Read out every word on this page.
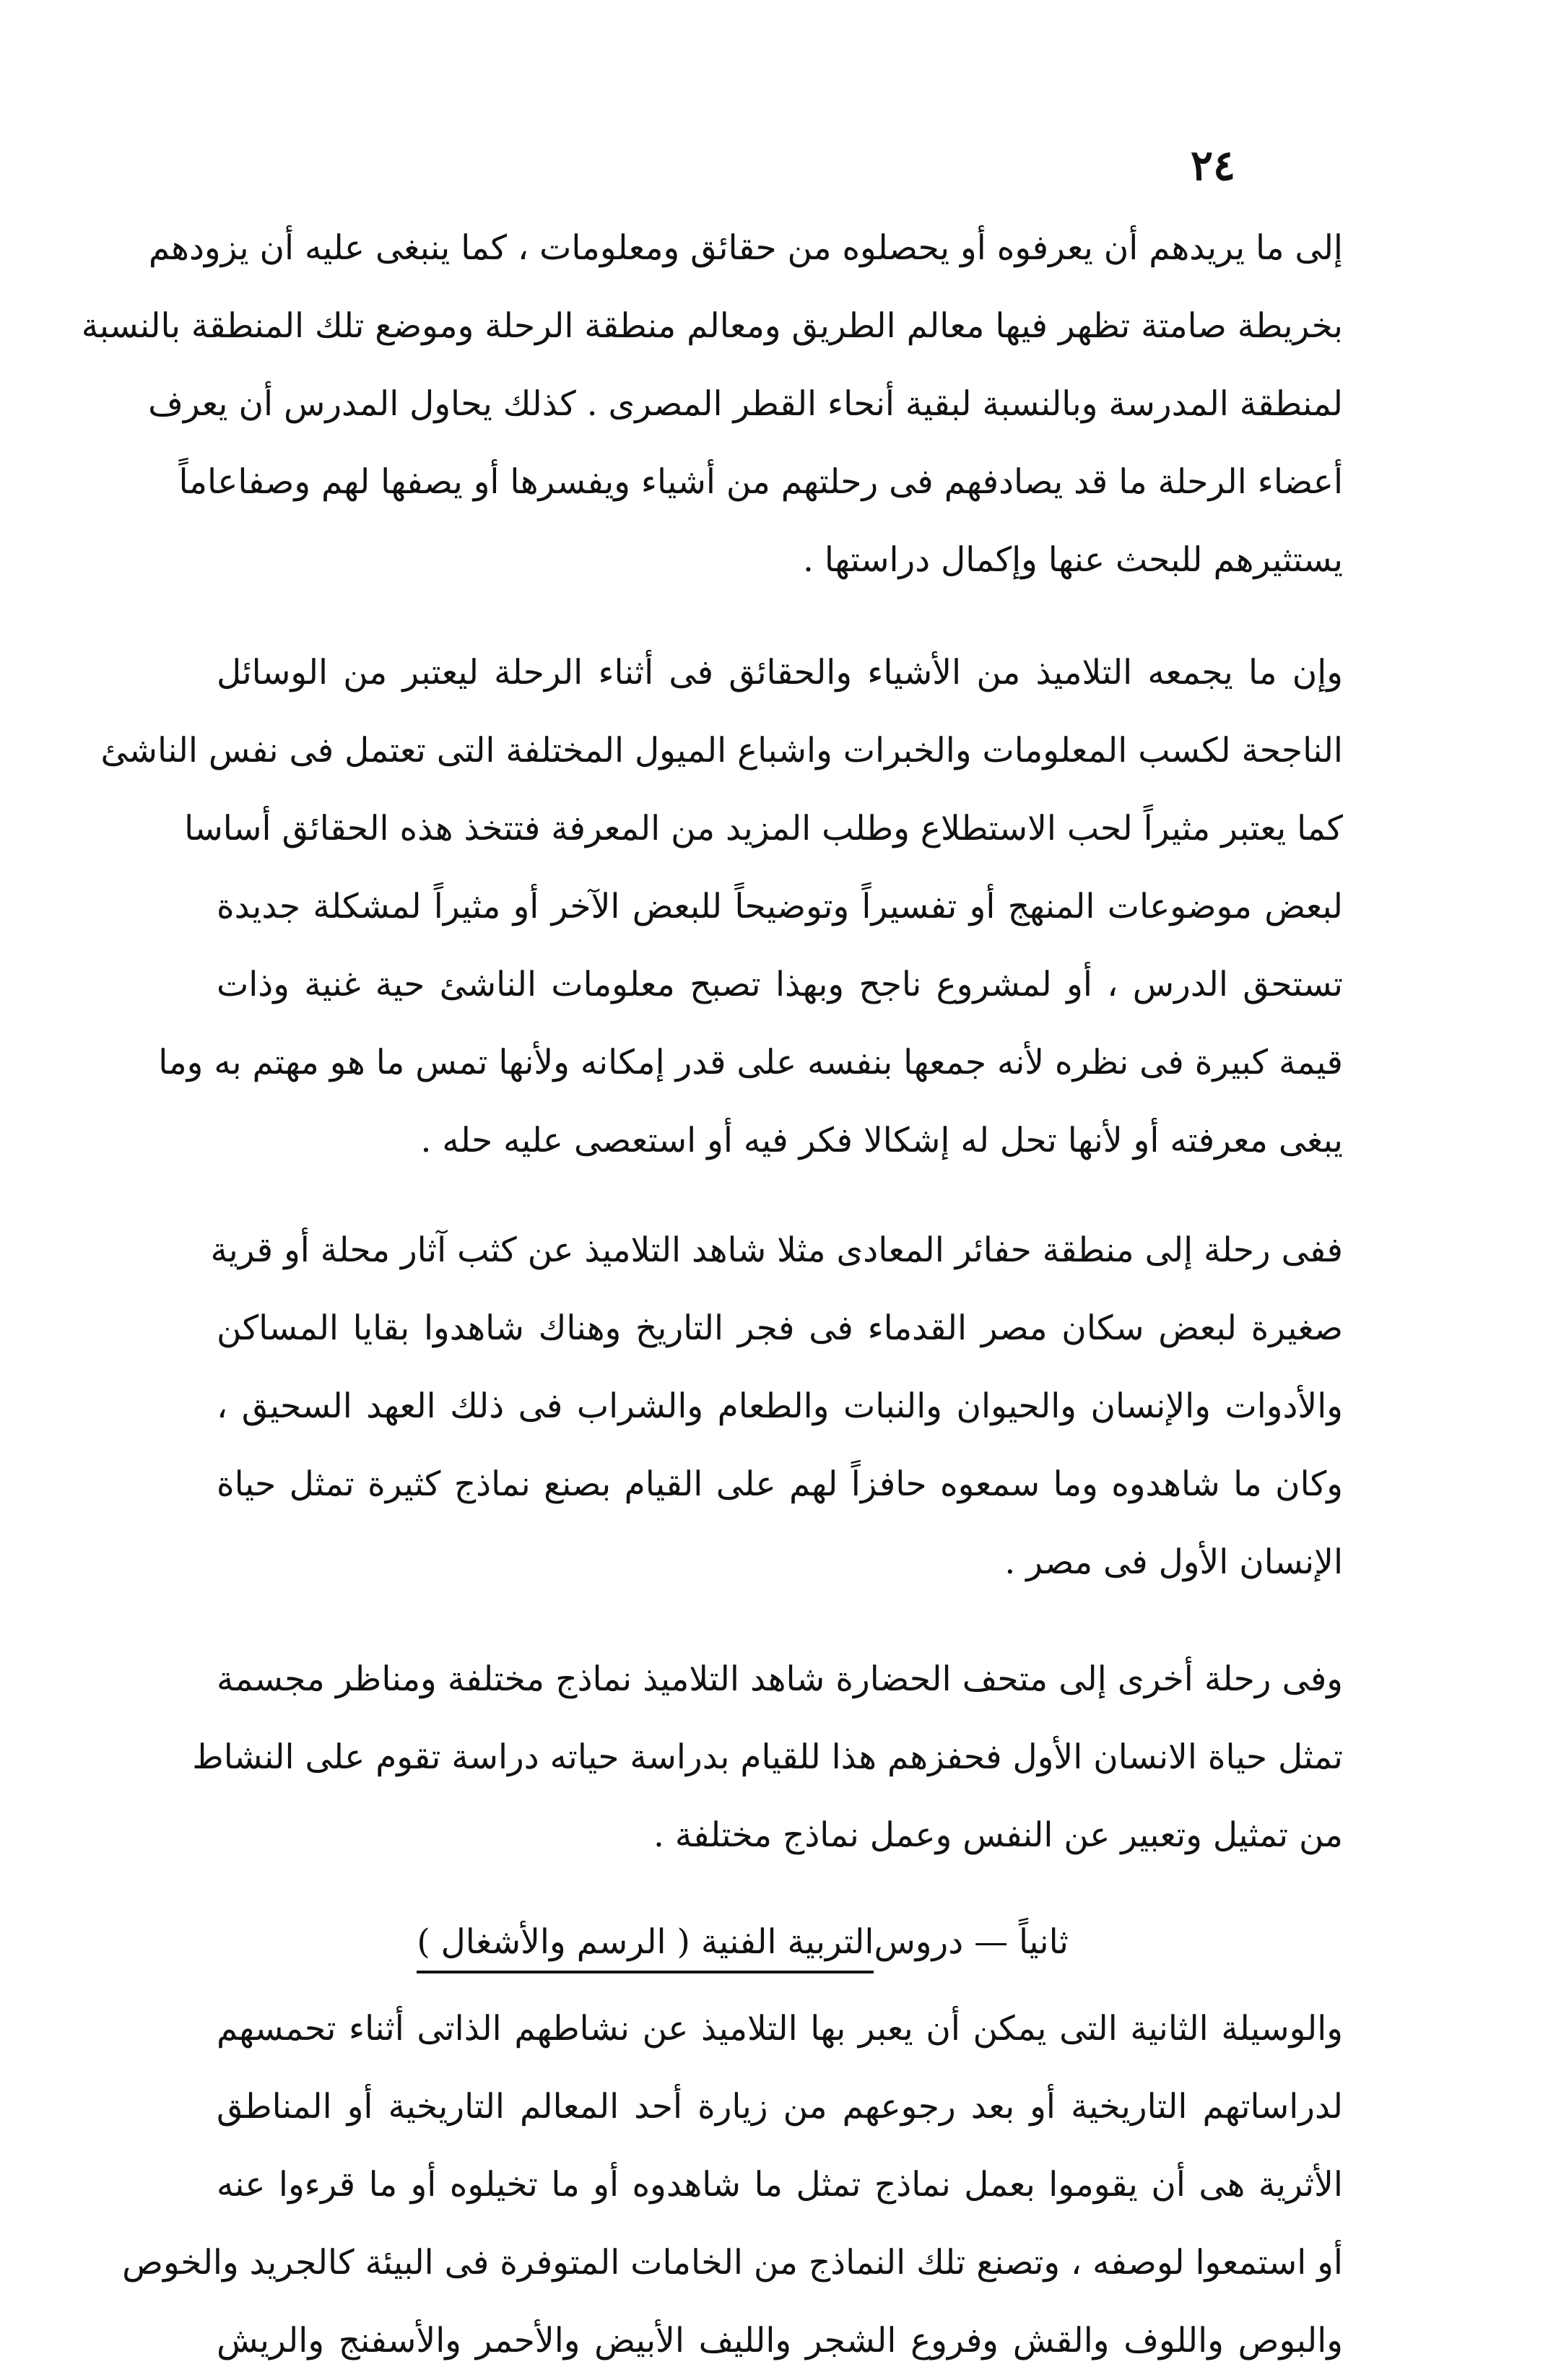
٢٤
إلى ما يريدهم أن يعرفوه أو يحصلوه من حقائق ومعلومات ، كما ينبغى عليه أن يزودهم
بخريطة صامتة تظهر فيها معالم الطريق ومعالم منطقة الرحلة وموضع تلك المنطقة بالنسبة
لمنطقة المدرسة وبالنسبة لبقية أنحاء القطر المصرى . كذلك يحاول المدرس أن يعرف
أعضاء الرحلة ما قد يصادفهم فى رحلتهم من أشياء ويفسرها أو يصفها لهم وصفاعاماً
يستثيرهم للبحث عنها وإكمال دراستها .
وإن ما يجمعه التلاميذ من الأشياء والحقائق فى أثناء الرحلة ليعتبر من الوسائل
الناجحة لكسب المعلومات والخبرات واشباع الميول المختلفة التى تعتمل فى نفس الناشئ
كما يعتبر مثيراً لحب الاستطلاع وطلب المزيد من المعرفة فتتخذ هذه الحقائق أساسا
لبعض موضوعات المنهج أو تفسيراً وتوضيحاً للبعض الآخر أو مثيراً لمشكلة جديدة
تستحق الدرس ، أو لمشروع ناجح وبهذا تصبح معلومات الناشئ حية غنية وذات
قيمة كبيرة فى نظره لأنه جمعها بنفسه على قدر إمكانه ولأنها تمس ما هو مهتم به وما
يبغى معرفته أو لأنها تحل له إشكالا فكر فيه أو استعصى عليه حله .
ففى رحلة إلى منطقة حفائر المعادى مثلا شاهد التلاميذ عن كثب آثار محلة أو قرية
صغيرة لبعض سكان مصر القدماء فى فجر التاريخ وهناك شاهدوا بقايا المساكن
والأدوات والإنسان والحيوان والنبات والطعام والشراب فى ذلك العهد السحيق ،
وكان ما شاهدوه وما سمعوه حافزاً لهم على القيام بصنع نماذج كثيرة تمثل حياة
الإنسان الأول فى مصر .
وفى رحلة أخرى إلى متحف الحضارة شاهد التلاميذ نماذج مختلفة ومناظر مجسمة
تمثل حياة الانسان الأول فحفزهم هذا للقيام بدراسة حياته دراسة تقوم على النشاط
من تمثيل وتعبير عن النفس وعمل نماذج مختلفة .
ثانياً — دروسالتربية الفنية ( الرسم والأشغال )
والوسيلة الثانية التى يمكن أن يعبر بها التلاميذ عن نشاطهم الذاتى أثناء تحمسهم
لدراساتهم التاريخية أو بعد رجوعهم من زيارة أحد المعالم التاريخية أو المناطق
الأثرية هى أن يقوموا بعمل نماذج تمثل ما شاهدوه أو ما تخيلوه أو ما قرءوا عنه
أو استمعوا لوصفه ، وتصنع تلك النماذج من الخامات المتوفرة فى البيئة كالجريد والخوص
والبوص واللوف والقش وفروع الشجر والليف الأبيض والأحمر والأسفنج والريش
